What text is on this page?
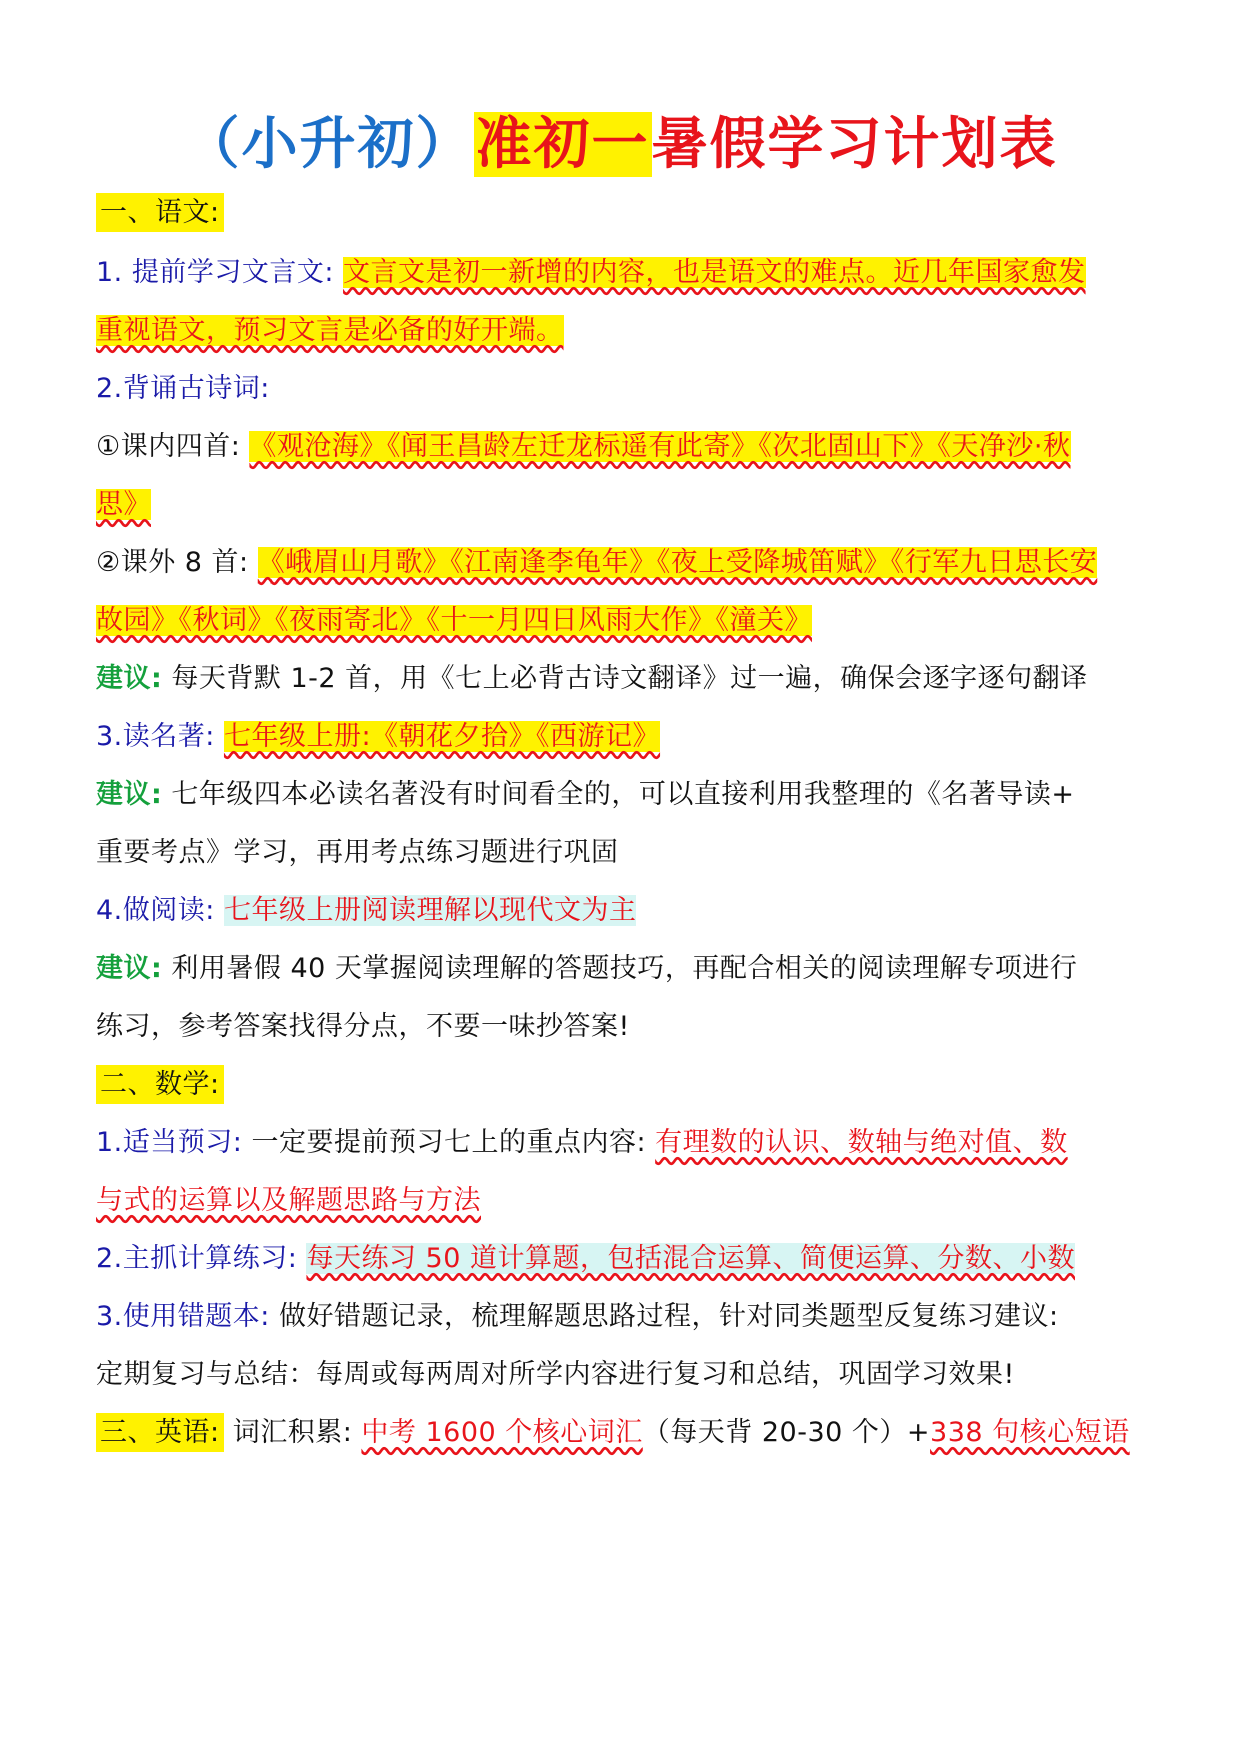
（小升初）准初一暑假学习计划表
一、语文:
1. 提前学习文言文: 文言文是初一新增的内容，也是语文的难点。近几年国家愈发
重视语文，预习文言是必备的好开端。
2.背诵古诗词:
①课内四首: 《观沧海》《闻王昌龄左迁龙标遥有此寄》《次北固山下》《天净沙·秋
思》
②课外 8 首: 《峨眉山月歌》《江南逢李龟年》《夜上受降城笛赋》《行军九日思长安
故园》《秋词》《夜雨寄北》《十一月四日风雨大作》《潼关》
建议: 每天背默 1-2 首，用《七上必背古诗文翻译》过一遍，确保会逐字逐句翻译
3.读名著: 七年级上册:《朝花夕拾》《西游记》
建议: 七年级四本必读名著没有时间看全的，可以直接利用我整理的《名著导读+
重要考点》学习，再用考点练习题进行巩固
4.做阅读: 七年级上册阅读理解以现代文为主
建议: 利用暑假 40 天掌握阅读理解的答题技巧，再配合相关的阅读理解专项进行
练习，参考答案找得分点，不要一味抄答案!
二、数学:
1.适当预习: 一定要提前预习七上的重点内容: 有理数的认识、数轴与绝对值、数
与式的运算以及解题思路与方法
2.主抓计算练习: 每天练习 50 道计算题，包括混合运算、简便运算、分数、小数
3.使用错题本: 做好错题记录，梳理解题思路过程，针对同类题型反复练习建议:
定期复习与总结：每周或每两周对所学内容进行复习和总结，巩固学习效果!
三、英语: 词汇积累: 中考 1600 个核心词汇（每天背 20-30 个）+338 句核心短语
